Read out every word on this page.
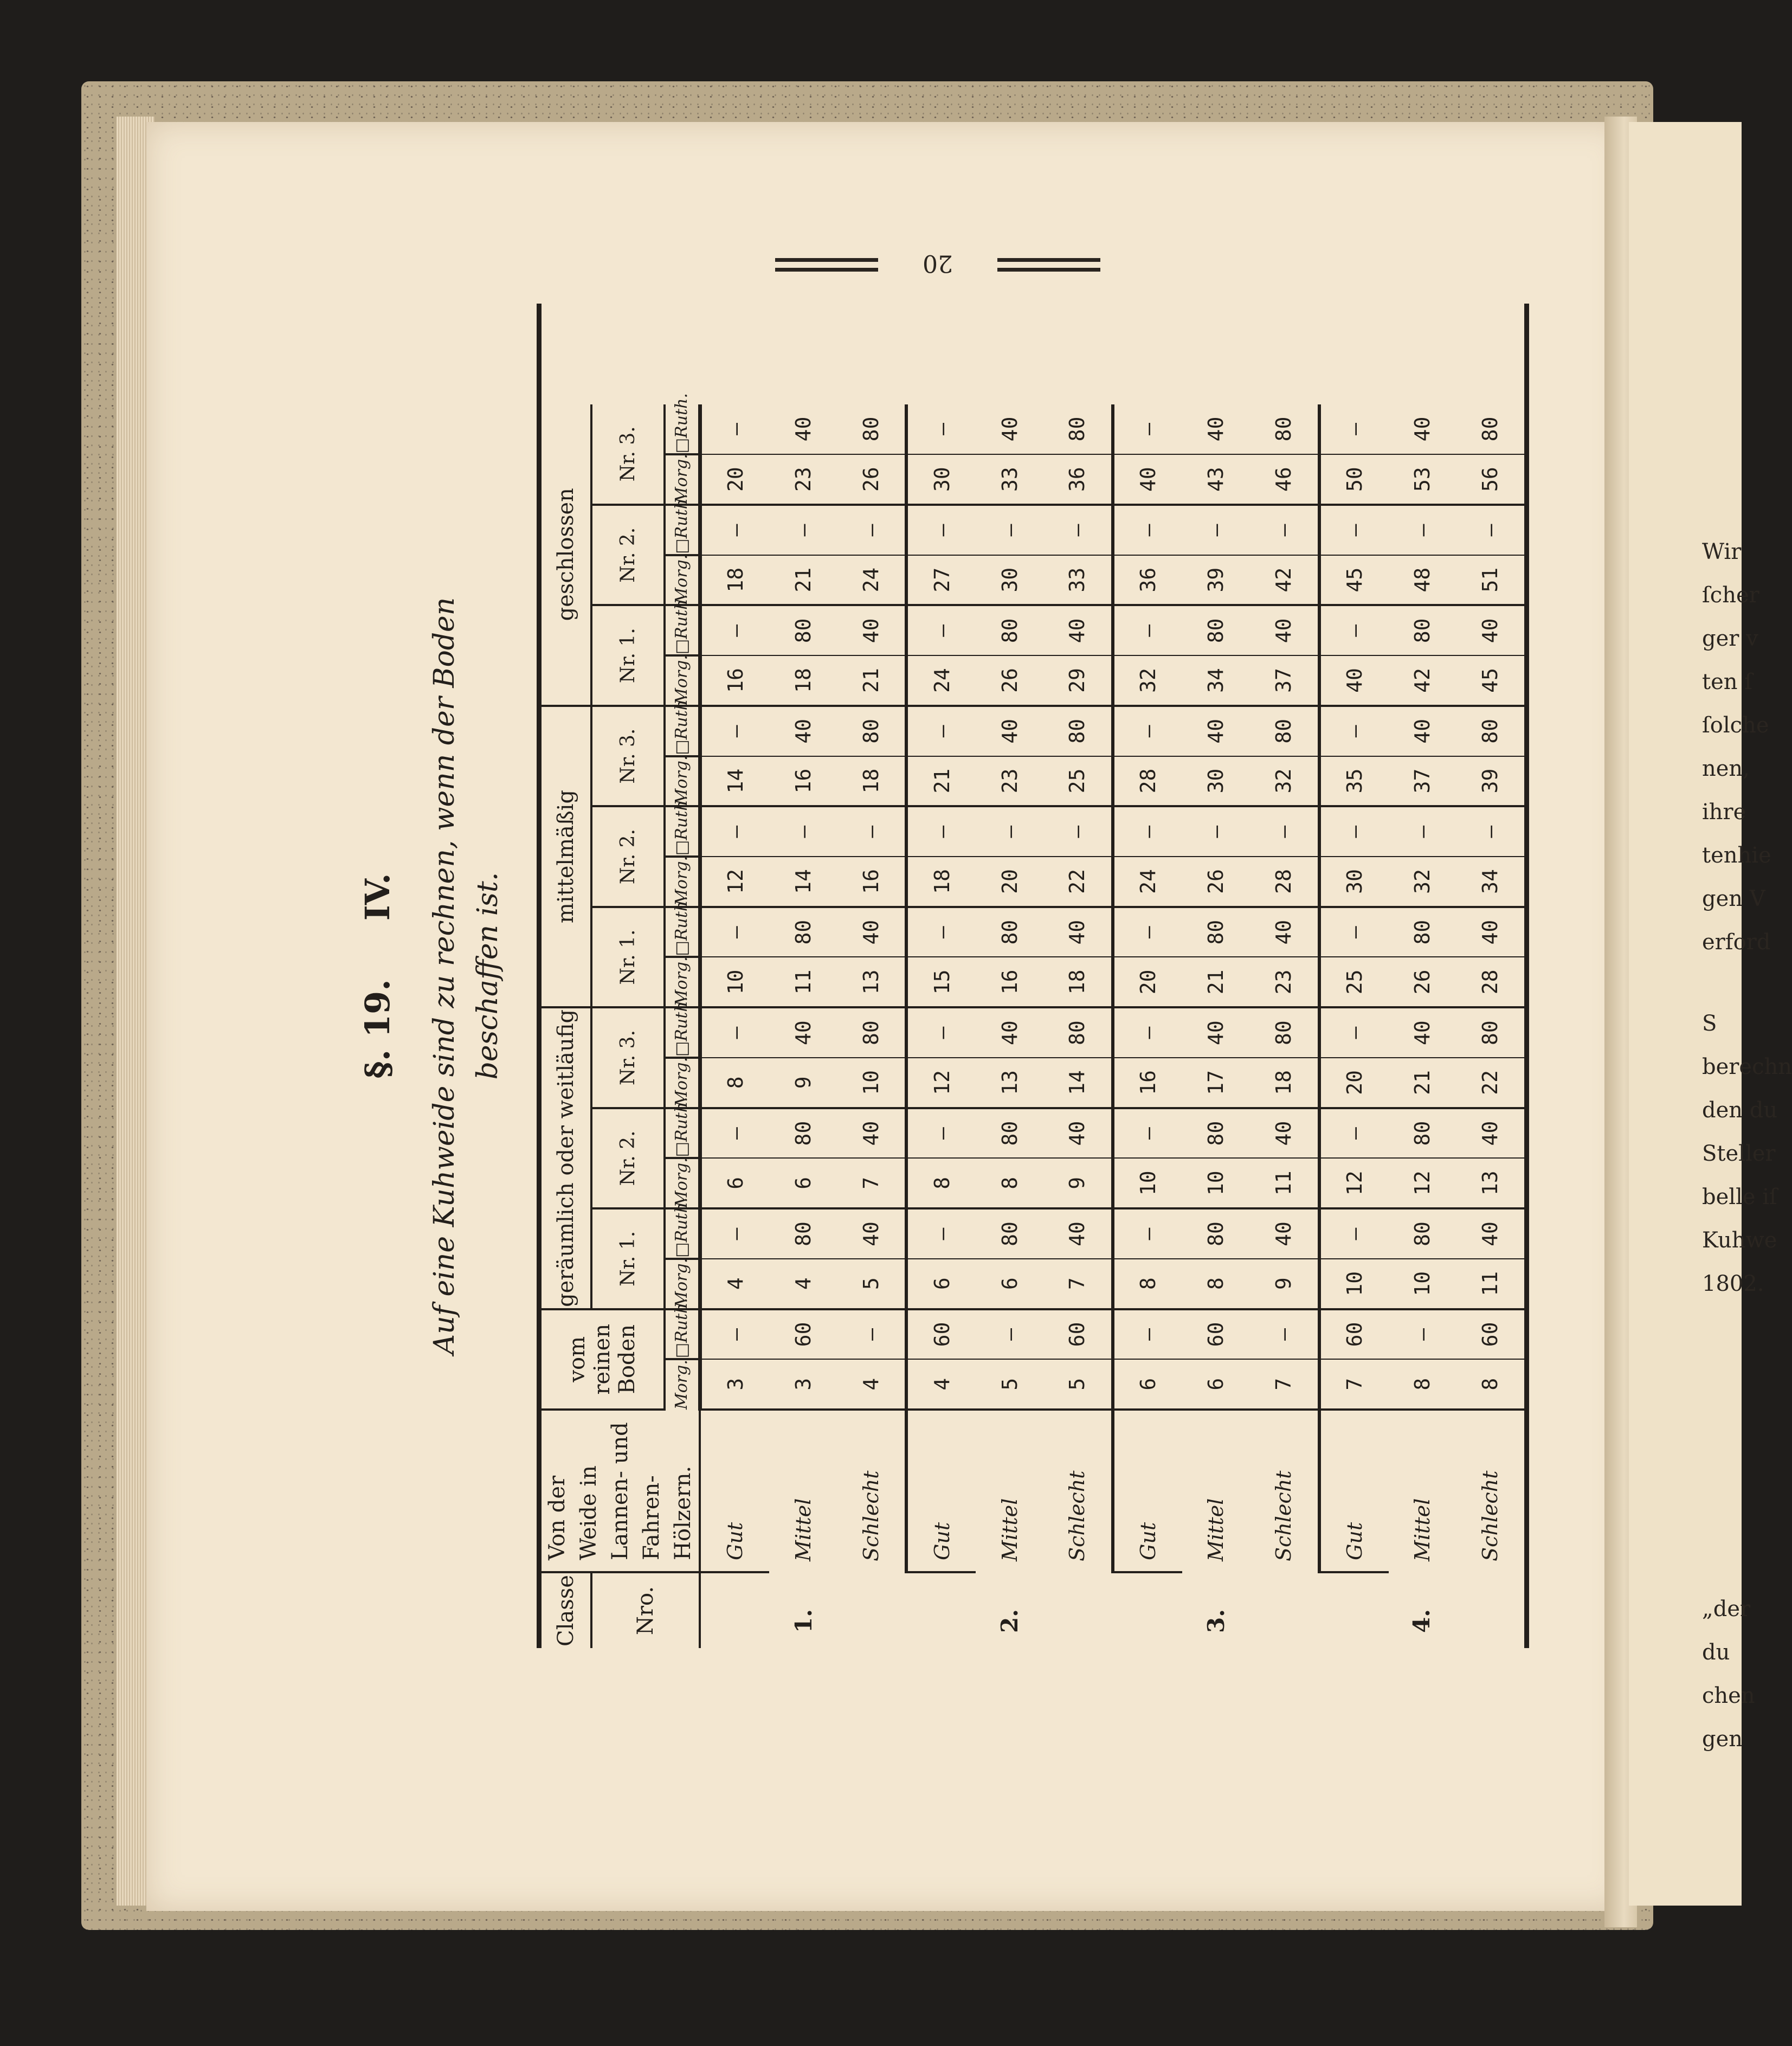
Wir
ſcher
ger v
ten ſ
ſolche
nen,
ihre
tenhie
gen V
erford
S
berechn
den du
Steller
belle iſ
Kuhwe
1802.
„der
du
chen
gen
20
§. 19.     IV. Auf eine Kuhweide sind zu rechnen, wenn der Boden beschaffen ist.
Classe	Von der Weide in Lannen- und Fahren-Hölzern.	vom reinen Boden		geräumlich oder weitläufig						mittelmäßig						geschlossen					
Nro.				Nr. 1.		Nr. 2.		Nr. 3.		Nr. 1.		Nr. 2.		Nr. 3.		Nr. 1.		Nr. 2.		Nr. 3.	
		Morg.	□Ruth.	Morg.	□Ruth.	Morg.	□Ruth.	Morg.	□Ruth.	Morg.	□Ruth.	Morg.	□Ruth.	Morg.	□Ruth.	Morg.	□Ruth.	Morg.	□Ruth.	Morg.	□Ruth.
1.	Gut	3	—	4	—	6	—	8	—	10	—	12	—	14	—	16	—	18	—	20	—
	Mittel	3	60	4	80	6	80	9	40	11	80	14	—	16	40	18	80	21	—	23	40
	Schlecht	4	—	5	40	7	40	10	80	13	40	16	—	18	80	21	40	24	—	26	80
2.	Gut	4	60	6	—	8	—	12	—	15	—	18	—	21	—	24	—	27	—	30	—
	Mittel	5	—	6	80	8	80	13	40	16	80	20	—	23	40	26	80	30	—	33	40
	Schlecht	5	60	7	40	9	40	14	80	18	40	22	—	25	80	29	40	33	—	36	80
3.	Gut	6	—	8	—	10	—	16	—	20	—	24	—	28	—	32	—	36	—	40	—
	Mittel	6	60	8	80	10	80	17	40	21	80	26	—	30	40	34	80	39	—	43	40
	Schlecht	7	—	9	40	11	40	18	80	23	40	28	—	32	80	37	40	42	—	46	80
4.	Gut	7	60	10	—	12	—	20	—	25	—	30	—	35	—	40	—	45	—	50	—
	Mittel	8	—	10	80	12	80	21	40	26	80	32	—	37	40	42	80	48	—	53	40
	Schlecht	8	60	11	40	13	40	22	80	28	40	34	—	39	80	45	40	51	—	56	80
